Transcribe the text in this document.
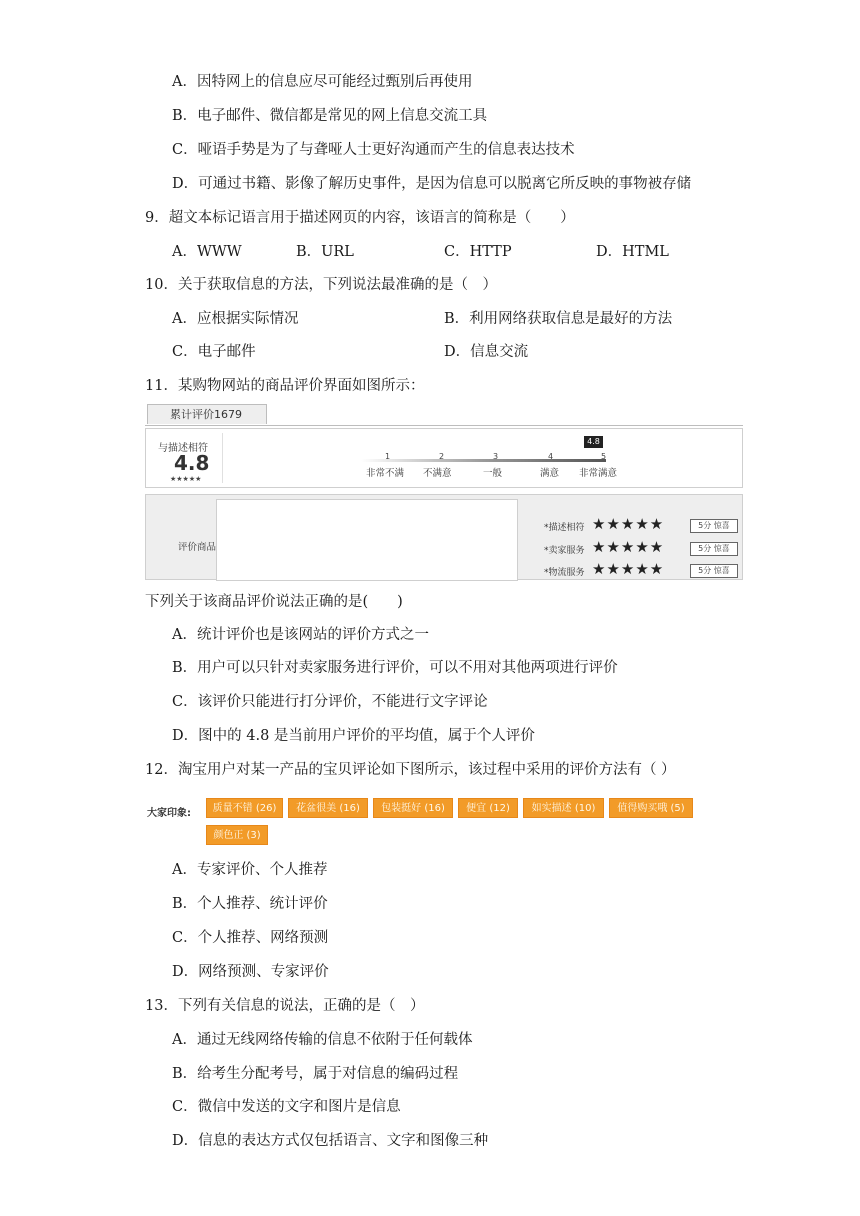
A．因特网上的信息应尽可能经过甄别后再使用
B．电子邮件、微信都是常见的网上信息交流工具
C．哑语手势是为了与聋哑人士更好沟通而产生的信息表达技术
D．可通过书籍、影像了解历史事件，是因为信息可以脱离它所反映的事物被存储
9．超文本标记语言用于描述网页的内容，该语言的简称是（　　）
A．WWW	B．URL	C．HTTP	D．HTML
10．关于获取信息的方法，下列说法最准确的是（　）
A．应根据实际情况	B．利用网络获取信息是最好的方法
C．电子邮件	D．信息交流
11．某购物网站的商品评价界面如图所示：
累计评价1679
与描述相符
4.8
★★★★★
4.8
1	2	3	4	5
非常不满 不满意	一般	满意 非常满意
评价商品
*描述相符 ★★★★★	5分 惊喜
*卖家服务 ★★★★★	5分 惊喜
*物流服务 ★★★★★	5分 惊喜
下列关于该商品评价说法正确的是(　　)
A．统计评价也是该网站的评价方式之一
B．用户可以只针对卖家服务进行评价，可以不用对其他两项进行评价
C．该评价只能进行打分评价，不能进行文字评论
D．图中的 4.8 是当前用户评价的平均值，属于个人评价
12．淘宝用户对某一产品的宝贝评论如下图所示，该过程中采用的评价方法有（ ）
大家印象:	质量不错 (26)	花盆很美 (16)	包装挺好 (16)	便宜 (12)	如实描述 (10)	值得购买哦 (5)
颜色正 (3)
A．专家评价、个人推荐
B．个人推荐、统计评价
C．个人推荐、网络预测
D．网络预测、专家评价
13．下列有关信息的说法，正确的是（　）
A．通过无线网络传输的信息不依附于任何载体
B．给考生分配考号，属于对信息的编码过程
C．微信中发送的文字和图片是信息
D．信息的表达方式仅包括语言、文字和图像三种
